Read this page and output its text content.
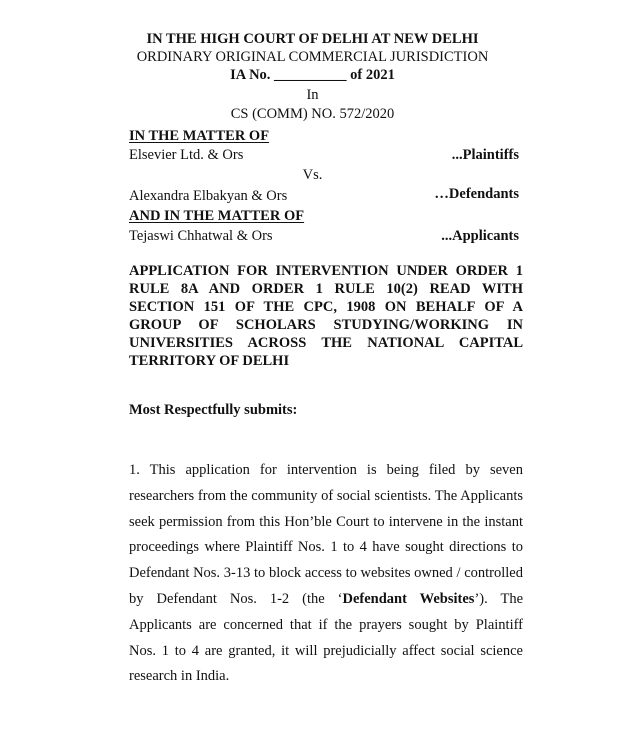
IN THE HIGH COURT OF DELHI AT NEW DELHI
ORDINARY ORIGINAL COMMERCIAL JURISDICTION
IA No. __________ of 2021
In
CS (COMM) NO. 572/2020
IN THE MATTER OF
Elsevier Ltd. & Ors	...Plaintiffs
Vs.
Alexandra Elbakyan & Ors	…Defendants
AND IN THE MATTER OF
Tejaswi Chhatwal & Ors	...Applicants
APPLICATION FOR INTERVENTION UNDER ORDER 1 RULE 8A AND ORDER 1 RULE 10(2) READ WITH SECTION 151 OF THE CPC, 1908 ON BEHALF OF A GROUP OF SCHOLARS STUDYING/WORKING IN UNIVERSITIES ACROSS THE NATIONAL CAPITAL TERRITORY OF DELHI
Most Respectfully submits:
1. This application for intervention is being filed by seven researchers from the community of social scientists. The Applicants seek permission from this Hon’ble Court to intervene in the instant proceedings where Plaintiff Nos. 1 to 4 have sought directions to Defendant Nos. 3-13 to block access to websites owned / controlled by Defendant Nos. 1-2 (the ‘Defendant Websites’). The Applicants are concerned that if the prayers sought by Plaintiff Nos. 1 to 4 are granted, it will prejudicially affect social science research in India.
